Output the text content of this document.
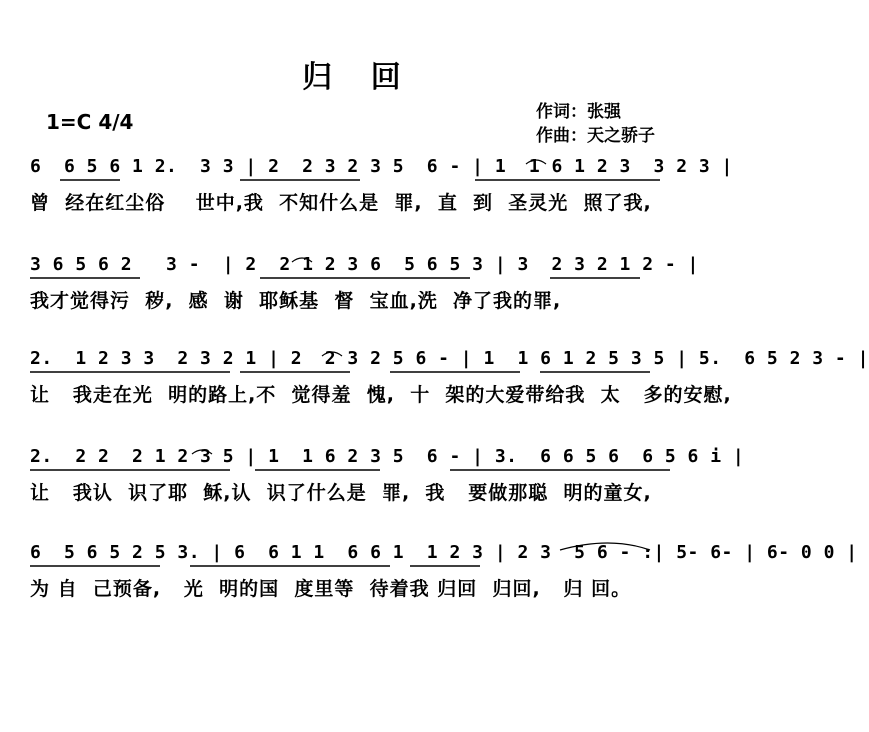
归 回
1=C 4/4	作词：张强
作曲：天之骄子
6  6 5 6 1 2.  3 3 | 2  2 3 2 3 5  6 - | 1  1 6 1 2 3  3 2 3 |
曾  经在红尘俗    世中,我  不知什么是  罪,  直  到  圣灵光  照了我,
3 6 5 6 2   3 -  | 2  2 1 2 3 6  5 6 5 3 | 3  2 3 2 1 2 - |
我才觉得污  秽,  感  谢  耶稣基  督  宝血,洗  净了我的罪,
2.  1 2 3 3  2 3 2 1 | 2  2 3 2 5 6 - | 1  1 6 1 2 5 3 5 | 5.  6 5 2 3 - |
让   我走在光  明的路上,不  觉得羞  愧,  十  架的大爱带给我  太   多的安慰,
2.  2 2  2 1 2 3 5 | 1  1 6 2 3 5  6 - | 3.  6 6 5 6  6 5 6 i |
让   我认  识了耶  稣,认  识了什么是  罪,  我   要做那聪  明的童女,
6  5 6 5 2 5 3. | 6  6 1 1  6 6 1  1 2 3 | 2 3  5 6 - :| 5- 6- | 6- 0 0 |
为 自  己预备,   光  明的国  度里等  待着我 归回  归回,   归 回。
